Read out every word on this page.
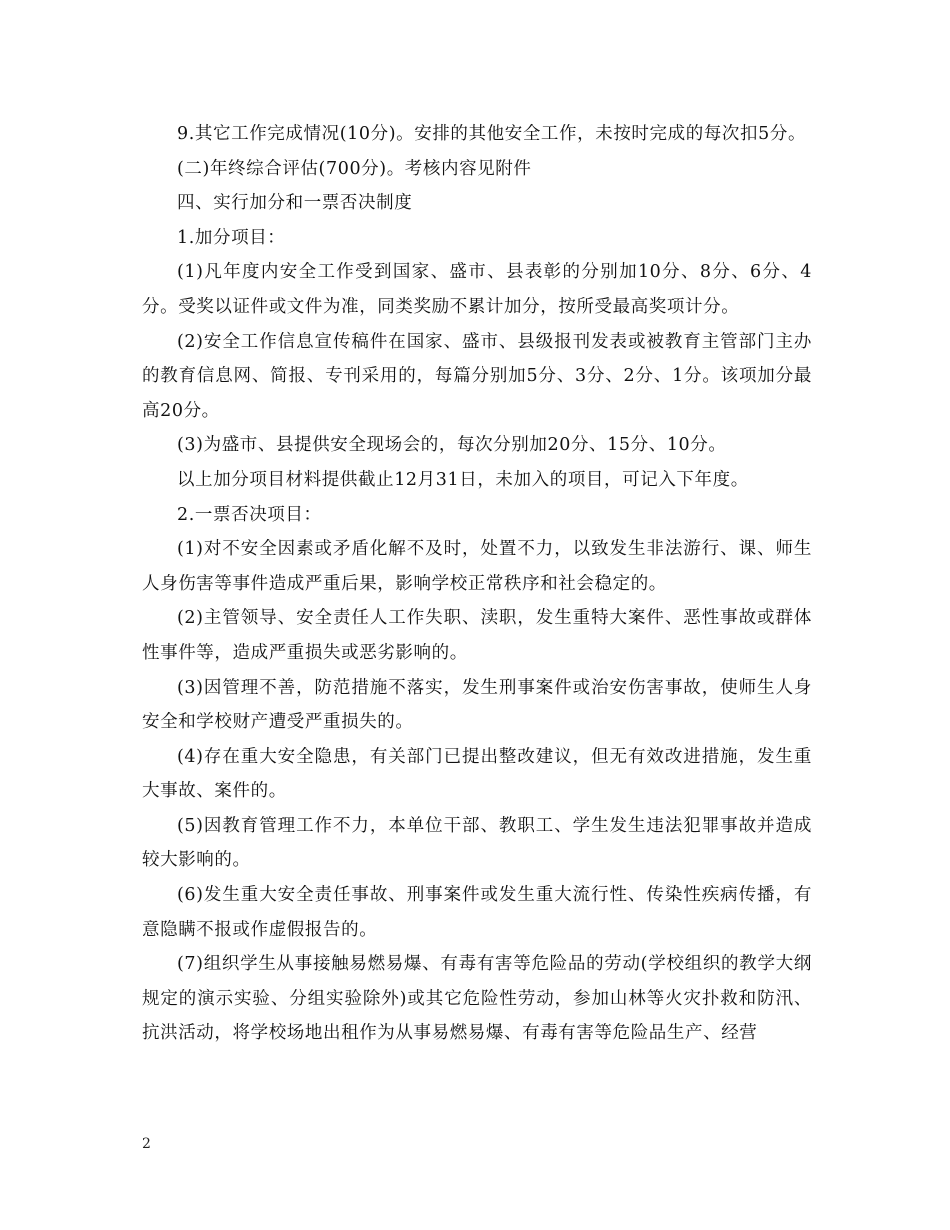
9.其它工作完成情况(10分)。安排的其他安全工作，未按时完成的每次扣5分。

(二)年终综合评估(700分)。考核内容见附件

四、实行加分和一票否决制度

1.加分项目：

(1)凡年度内安全工作受到国家、盛市、县表彰的分别加10分、8分、6分、4分。受奖以证件或文件为准，同类奖励不累计加分，按所受最高奖项计分。

(2)安全工作信息宣传稿件在国家、盛市、县级报刊发表或被教育主管部门主办的教育信息网、简报、专刊采用的，每篇分别加5分、3分、2分、1分。该项加分最高20分。

(3)为盛市、县提供安全现场会的，每次分别加20分、15分、10分。

以上加分项目材料提供截止12月31日，未加入的项目，可记入下年度。

2.一票否决项目：

(1)对不安全因素或矛盾化解不及时，处置不力，以致发生非法游行、课、师生人身伤害等事件造成严重后果，影响学校正常秩序和社会稳定的。

(2)主管领导、安全责任人工作失职、渎职，发生重特大案件、恶性事故或群体性事件等，造成严重损失或恶劣影响的。

(3)因管理不善，防范措施不落实，发生刑事案件或治安伤害事故，使师生人身安全和学校财产遭受严重损失的。

(4)存在重大安全隐患，有关部门已提出整改建议，但无有效改进措施，发生重大事故、案件的。

(5)因教育管理工作不力，本单位干部、教职工、学生发生违法犯罪事故并造成较大影响的。

(6)发生重大安全责任事故、刑事案件或发生重大流行性、传染性疾病传播，有意隐瞒不报或作虚假报告的。

(7)组织学生从事接触易燃易爆、有毒有害等危险品的劳动(学校组织的教学大纲规定的演示实验、分组实验除外)或其它危险性劳动，参加山林等火灾扑救和防汛、抗洪活动，将学校场地出租作为从事易燃易爆、有毒有害等危险品生产、经营

2
